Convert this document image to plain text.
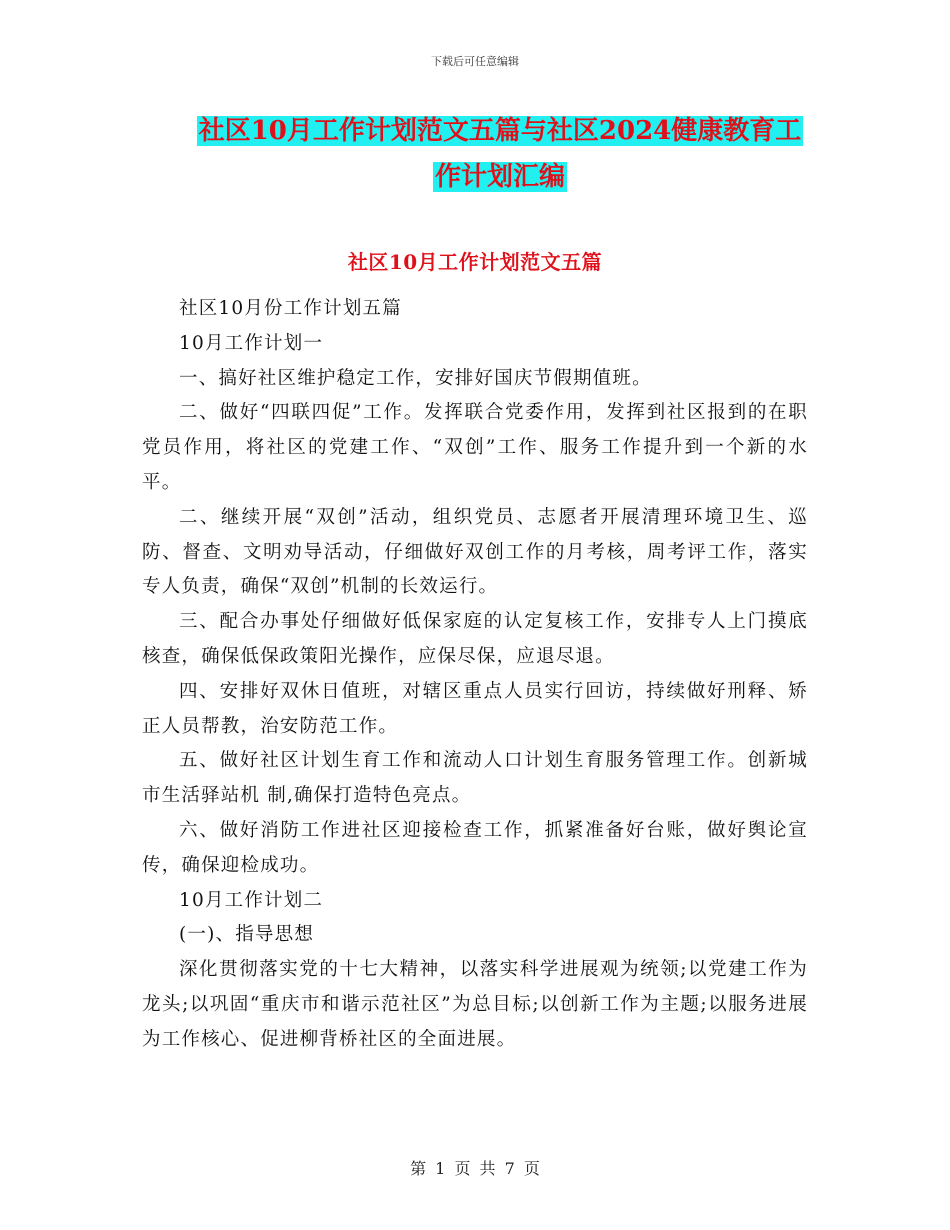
下载后可任意编辑
社区10月工作计划范文五篇与社区2024健康教育工
作计划汇编
社区10月工作计划范文五篇

社区10月份工作计划五篇

10月工作计划一

一、搞好社区维护稳定工作，安排好国庆节假期值班。

二、做好“四联四促”工作。发挥联合党委作用，发挥到社区报到的在职党员作用，将社区的党建工作、“双创”工作、服务工作提升到一个新的水平。

二、继续开展“双创”活动，组织党员、志愿者开展清理环境卫生、巡防、督查、文明劝导活动，仔细做好双创工作的月考核，周考评工作，落实专人负责，确保“双创”机制的长效运行。

三、配合办事处仔细做好低保家庭的认定复核工作，安排专人上门摸底核查，确保低保政策阳光操作，应保尽保，应退尽退。

四、安排好双休日值班，对辖区重点人员实行回访，持续做好刑释、矫正人员帮教，治安防范工作。

五、做好社区计划生育工作和流动人口计划生育服务管理工作。创新城市生活驿站机 制,确保打造特色亮点。

六、做好消防工作进社区迎接检查工作，抓紧准备好台账，做好舆论宣传，确保迎检成功。

10月工作计划二

(一)、指导思想

深化贯彻落实党的十七大精神，以落实科学进展观为统领;以党建工作为龙头;以巩固“重庆市和谐示范社区”为总目标;以创新工作为主题;以服务进展为工作核心、促进柳背桥社区的全面进展。

第 1 页 共 7 页
